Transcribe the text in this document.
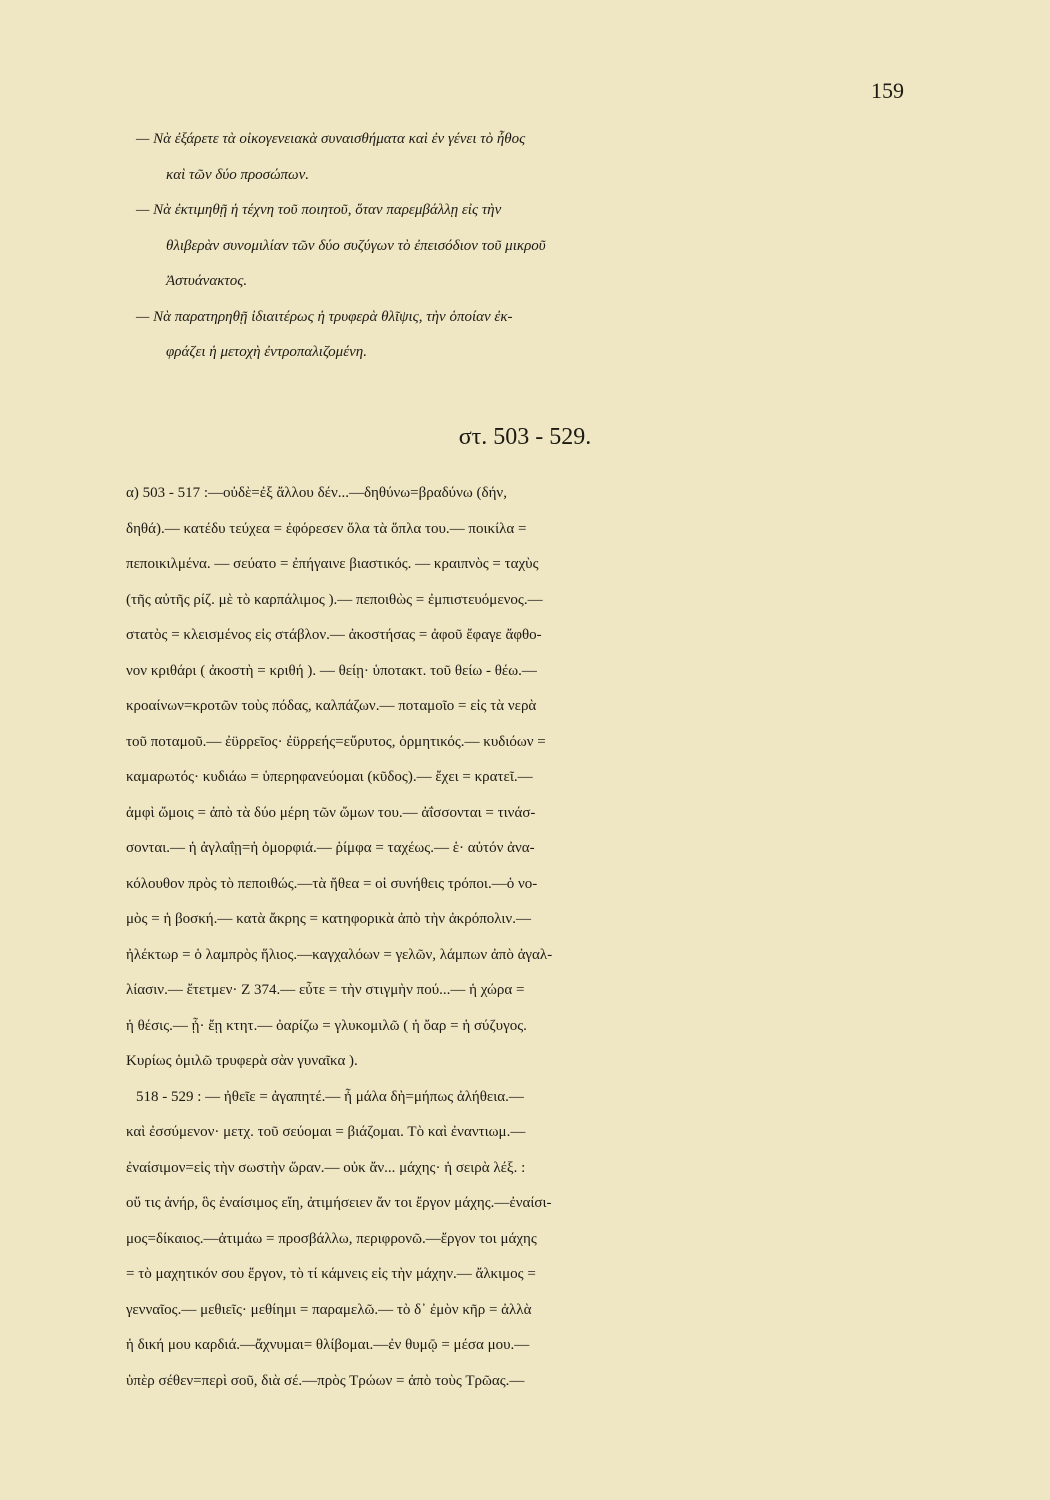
159
— Νὰ ἐξάρετε τὰ οἰκογενειακὰ συναισθήματα καὶ ἐν γένει τὸ ἦθος
καὶ τῶν δύο προσώπων.
— Νὰ ἐκτιμηθῇ ἡ τέχνη τοῦ ποιητοῦ, ὅταν παρεμβάλλῃ εἰς τὴν
θλιβερὰν συνομιλίαν τῶν δύο συζύγων τὸ ἐπεισόδιον τοῦ μικροῦ
Ἀστυάνακτος.
— Νὰ παρατηρηθῇ ἰδιαιτέρως ἡ τρυφερὰ θλῖψις, τὴν ὁποίαν ἐκ-
φράζει ἡ μετοχὴ ἐντροπαλιζομένη.
στ. 503 - 529.
α) 503 - 517 :—οὐδὲ=ἐξ ἄλλου δέν...—δηθύνω=βραδύνω (δήν,
δηθά).— κατέδυ τεύχεα = ἐφόρεσεν ὅλα τὰ ὅπλα του.— ποικίλα =
πεποικιλμένα. — σεύατο = ἐπήγαινε βιαστικός. — κραιπνὸς = ταχὺς
(τῆς αὐτῆς ρίζ. μὲ τὸ καρπάλιμος ).— πεποιθὼς = ἐμπιστευόμενος.—
στατὸς = κλεισμένος εἰς στάβλον.— ἀκοστήσας = ἀφοῦ ἔφαγε ἄφθο-
νον κριθάρι ( ἀκοστὴ = κριθή ). — θείῃ· ὑποτακτ. τοῦ θείω - θέω.—
κροαίνων=κροτῶν τοὺς πόδας, καλπάζων.— ποταμοῖο = εἰς τὰ νερὰ
τοῦ ποταμοῦ.— ἐϋρρεῖος· ἐϋρρεής=εὔρυτος, ὁρμητικός.— κυδιόων =
καμαρωτός· κυδιάω = ὑπερηφανεύομαι (κῦδος).— ἔχει = κρατεῖ.—
ἀμφὶ ὤμοις = ἀπὸ τὰ δύο μέρη τῶν ὤμων του.— ἀΐσσονται = τινάσ-
σονται.— ἡ ἀγλαΐῃ=ἡ ὀμορφιά.— ῥίμφα = ταχέως.— ἑ· αὐτόν ἀνα-
κόλουθον πρὸς τὸ πεποιθώς.—τὰ ἤθεα = οἱ συνήθεις τρόποι.—ὁ νο-
μὸς = ἡ βοσκή.— κατὰ ἄκρης = κατηφορικὰ ἀπὸ τὴν ἀκρόπολιν.—
ἠλέκτωρ = ὁ λαμπρὸς ἥλιος.—καγχαλόων = γελῶν, λάμπων ἀπὸ ἀγαλ-
λίασιν.— ἔτετμεν· Ζ 374.— εὖτε = τὴν στιγμὴν πού...— ἡ χώρα =
ἡ θέσις.— ᾗ· ἔῃ κτητ.— ὀαρίζω = γλυκομιλῶ ( ἡ ὄαρ = ἡ σύζυγος.
Κυρίως ὁμιλῶ τρυφερὰ σὰν γυναῖκα ).
518 - 529 : — ἠθεῖε = ἀγαπητέ.— ἦ μάλα δὴ=μήπως ἀλήθεια.—
καὶ ἐσσύμενον· μετχ. τοῦ σεύομαι = βιάζομαι. Τὸ καὶ ἐναντιωμ.—
ἐναίσιμον=εἰς τὴν σωστὴν ὥραν.— οὐκ ἄν... μάχης· ἡ σειρὰ λέξ. :
οὔ τις ἀνήρ, ὃς ἐναίσιμος εἴη, ἀτιμήσειεν ἄν τοι ἔργον μάχης.—ἐναίσι-
μος=δίκαιος.—ἀτιμάω = προσβάλλω, περιφρονῶ.—ἔργον τοι μάχης
= τὸ μαχητικόν σου ἔργον, τὸ τί κάμνεις εἰς τὴν μάχην.— ἄλκιμος =
γενναῖος.— μεθιεῖς· μεθίημι = παραμελῶ.— τὸ δ᾽ ἐμὸν κῆρ = ἀλλὰ
ἡ δική μου καρδιά.—ἄχνυμαι= θλίβομαι.—ἐν θυμῷ = μέσα μου.—
ὑπὲρ σέθεν=περὶ σοῦ, διὰ σέ.—πρὸς Τρώων = ἀπὸ τοὺς Τρῶας.—
